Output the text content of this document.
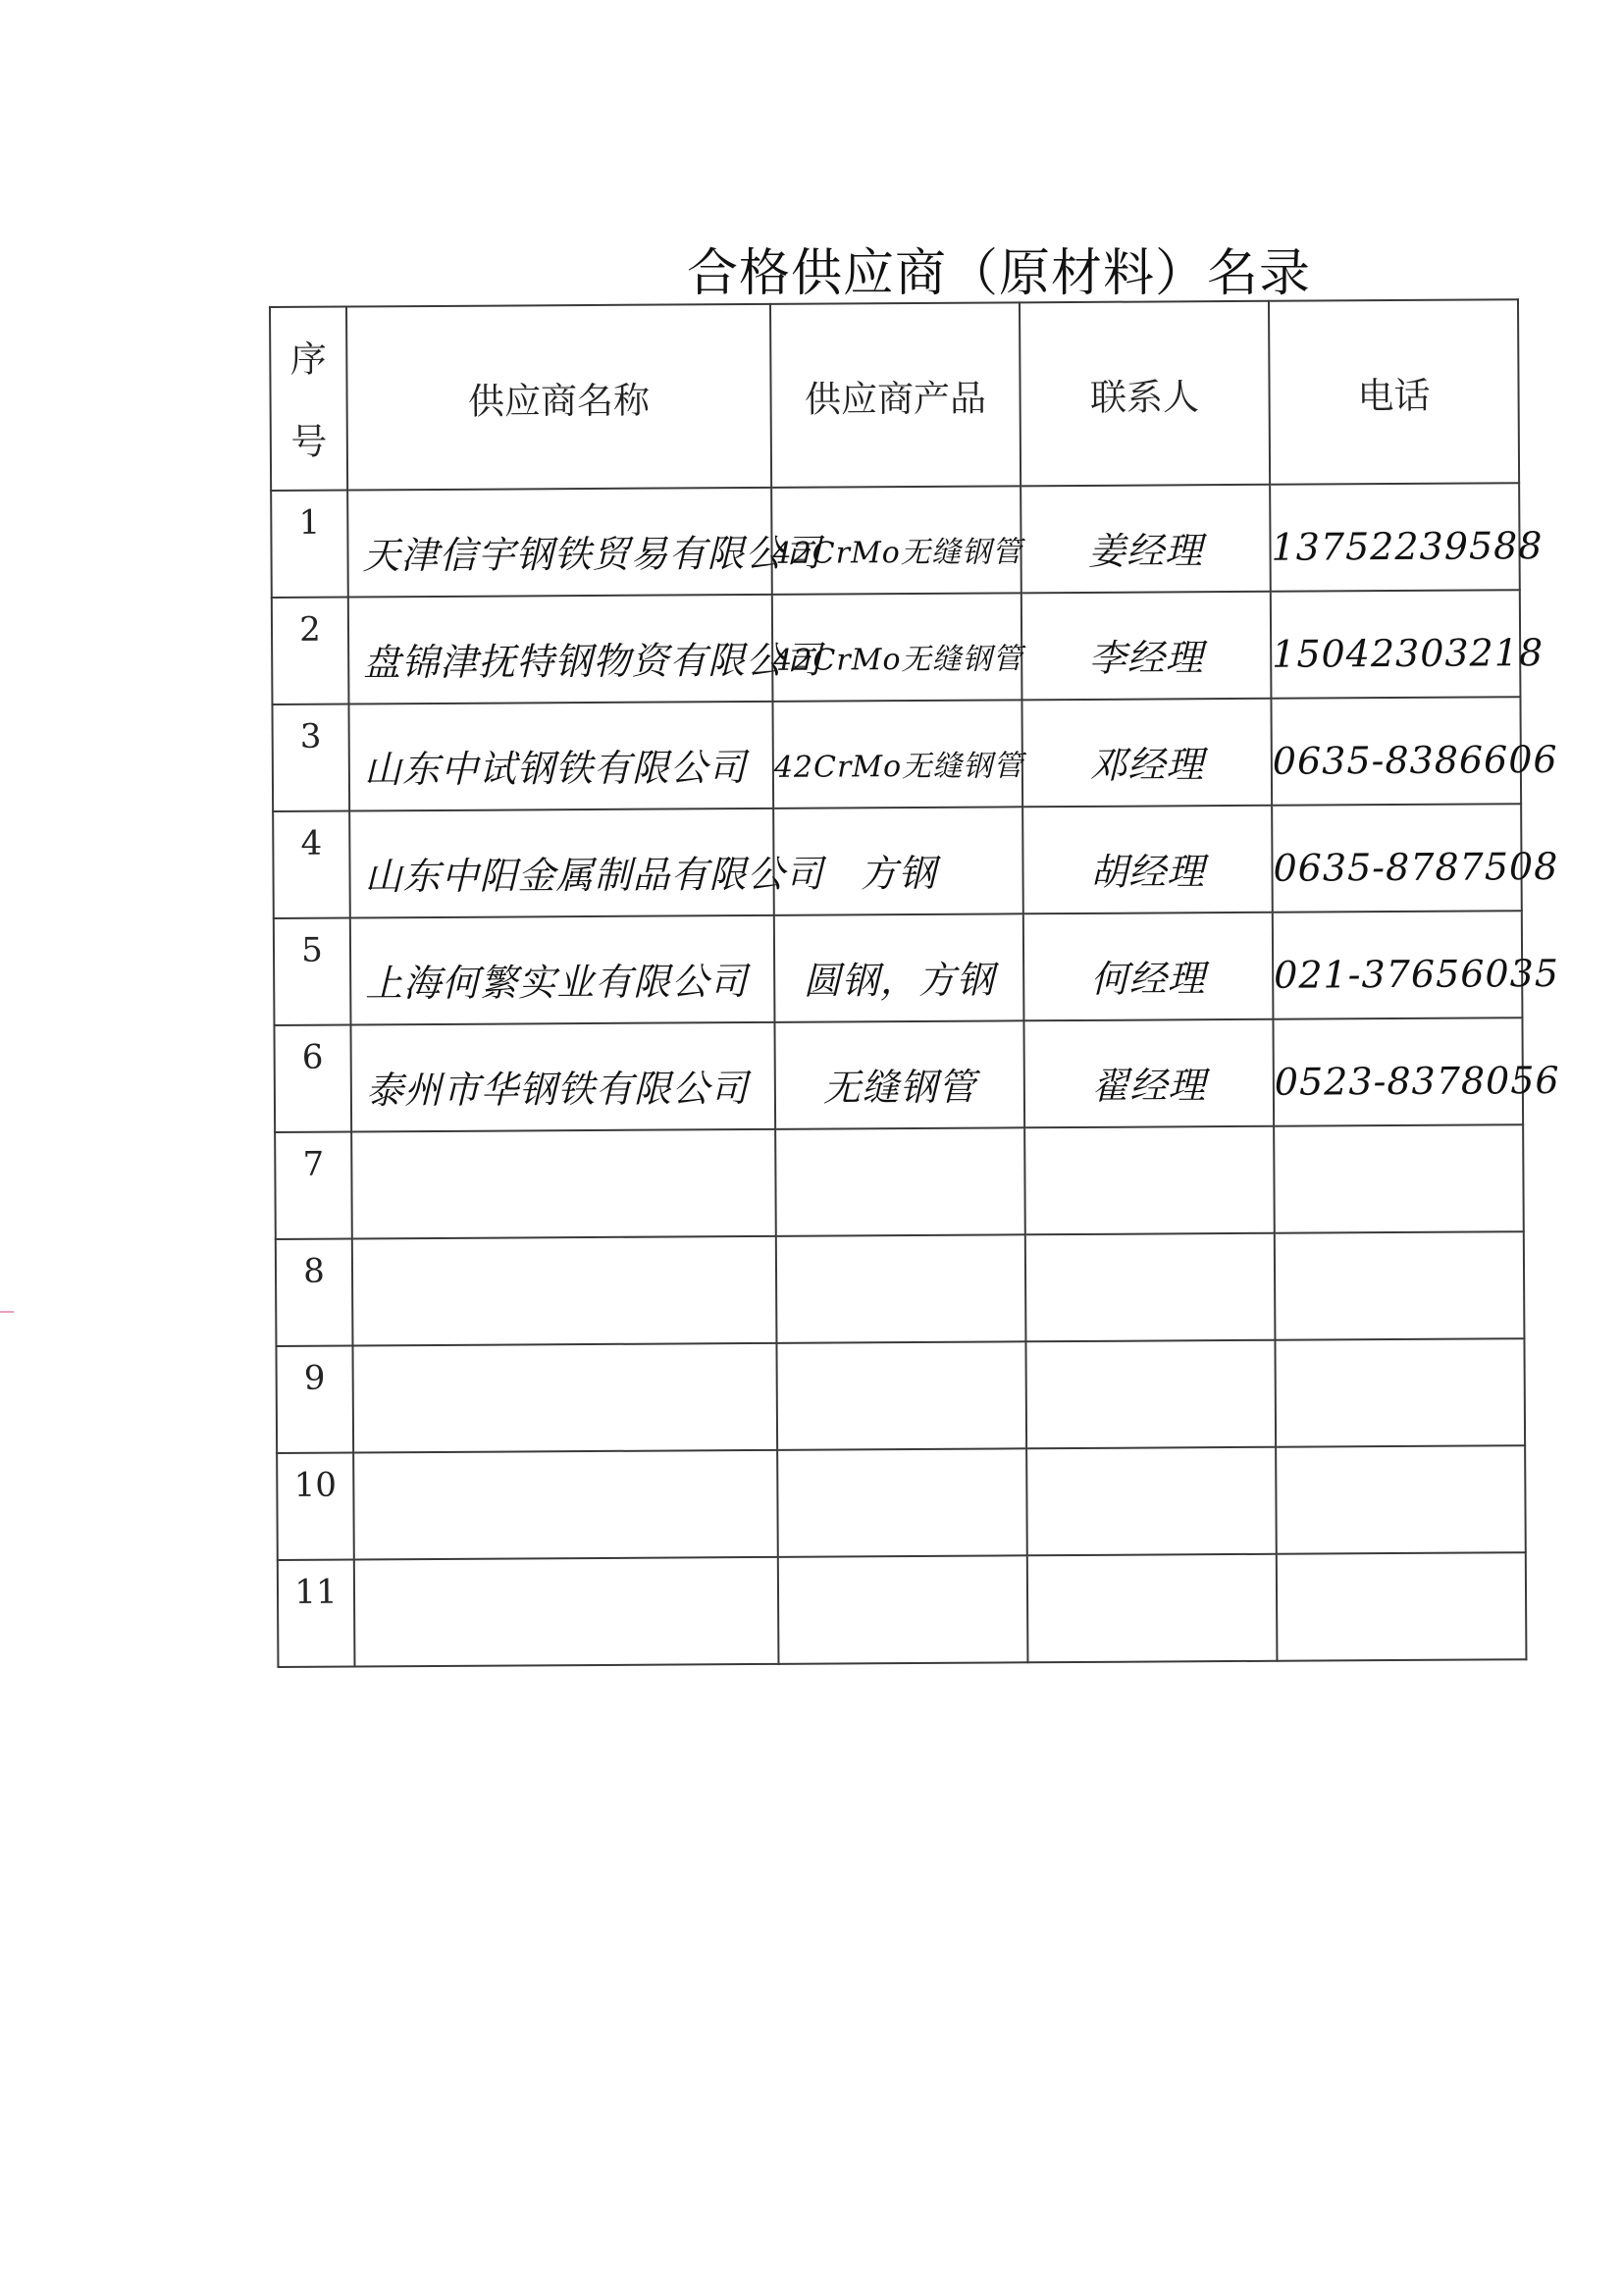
合格供应商（原材料）名录
序
号	供应商名称	供应商产品	联系人	电话
1	天津信宇钢铁贸易有限公司	42CrMo无缝钢管	姜经理	13752239588
2	盘锦津抚特钢物资有限公司	42CrMo无缝钢管	李经理	15042303218
3	山东中试钢铁有限公司	42CrMo无缝钢管	邓经理	0635-8386606
4	山东中阳金属制品有限公司	方钢	胡经理	0635-8787508
5	上海何繁实业有限公司	圆钢，方钢	何经理	021-37656035
6	泰州市华钢铁有限公司	无缝钢管	翟经理	0523-8378056
7				
8				
9				
10				
11				
